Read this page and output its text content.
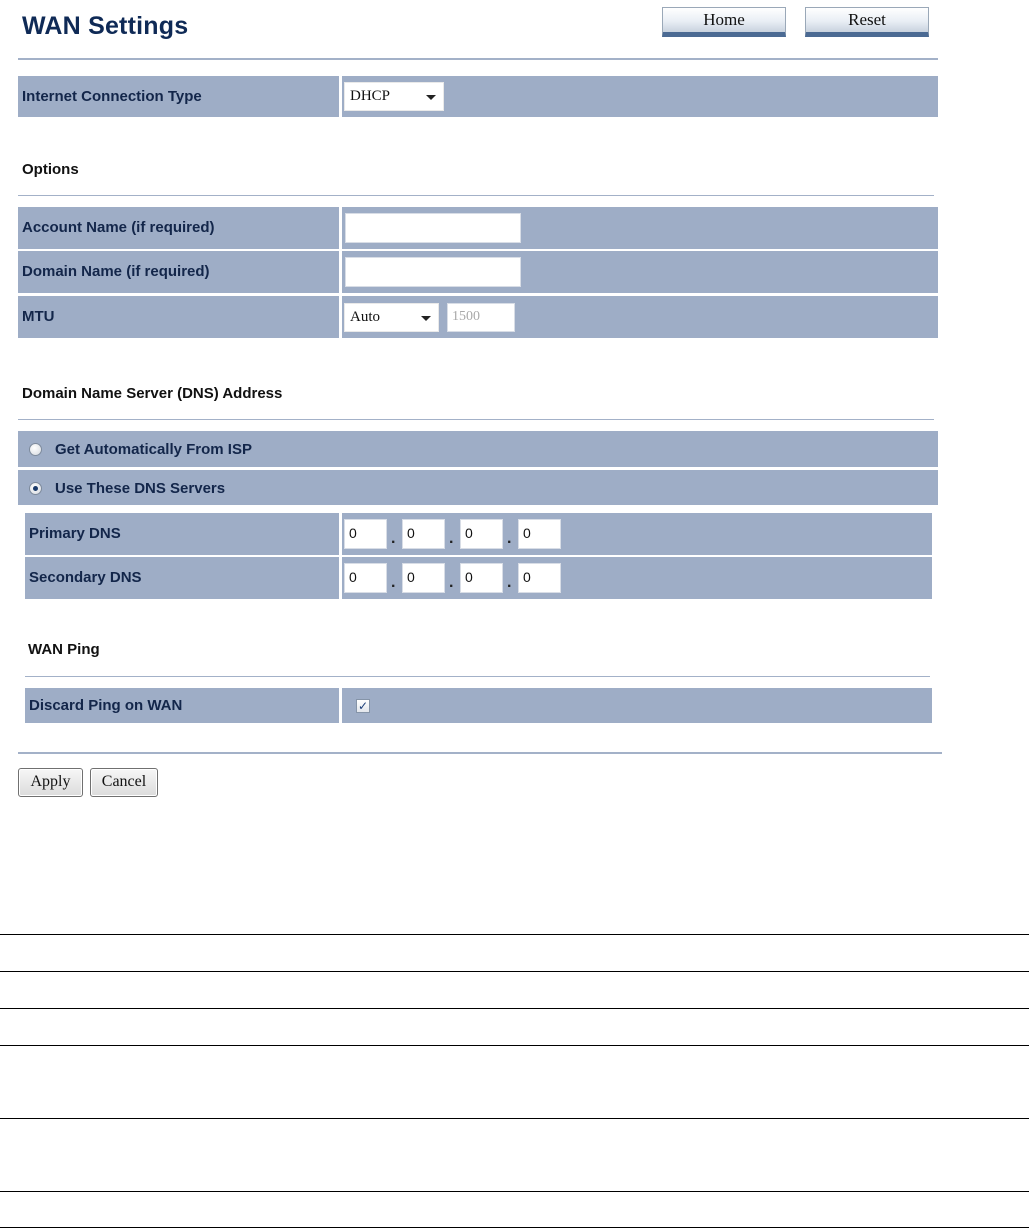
WAN Settings	Home	Reset
Internet Connection Type	DHCP
Options
Account Name (if required)
Domain Name (if required)
MTU	Auto	1500
Domain Name Server (DNS) Address
Get Automatically From ISP
Use These DNS Servers
Primary DNS	0	. 0	. 0	. 0
Secondary DNS	0	. 0	. 0	. 0
WAN Ping
Discard Ping on WAN	✓
Apply	Cancel
